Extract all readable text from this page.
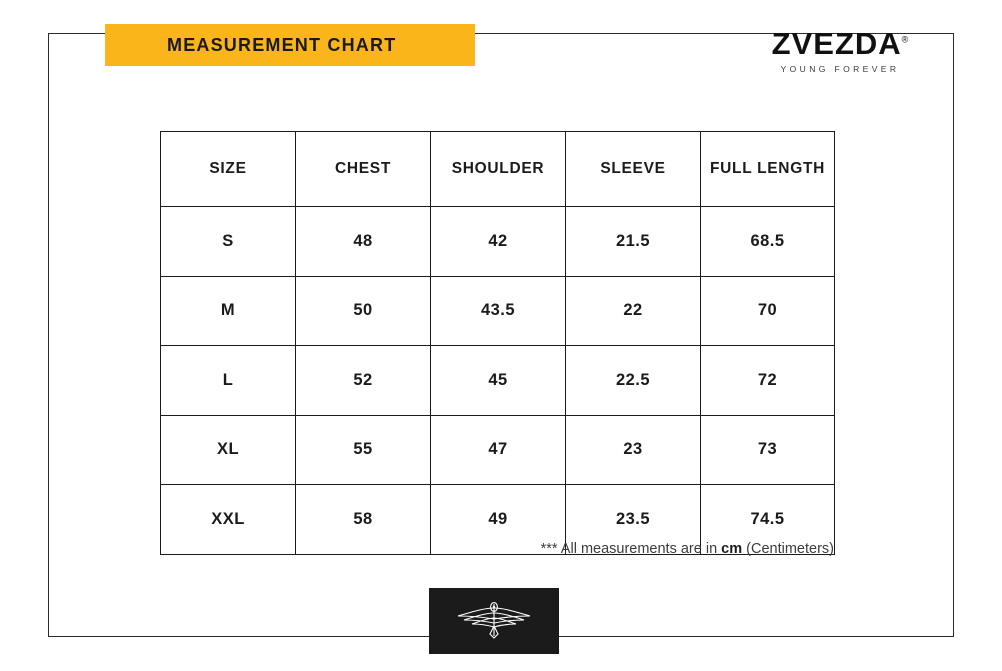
MEASUREMENT CHART	ZVEZDA®
YOUNG FOREVER
SIZE	CHEST	SHOULDER	SLEEVE	FULL LENGTH
S	48	42	21.5	68.5
M	50	43.5	22	70
L	52	45	22.5	72
XL	55	47	23	73
XXL	58	49	23.5	74.5
*** All measurements are in cm (Centimeters)
